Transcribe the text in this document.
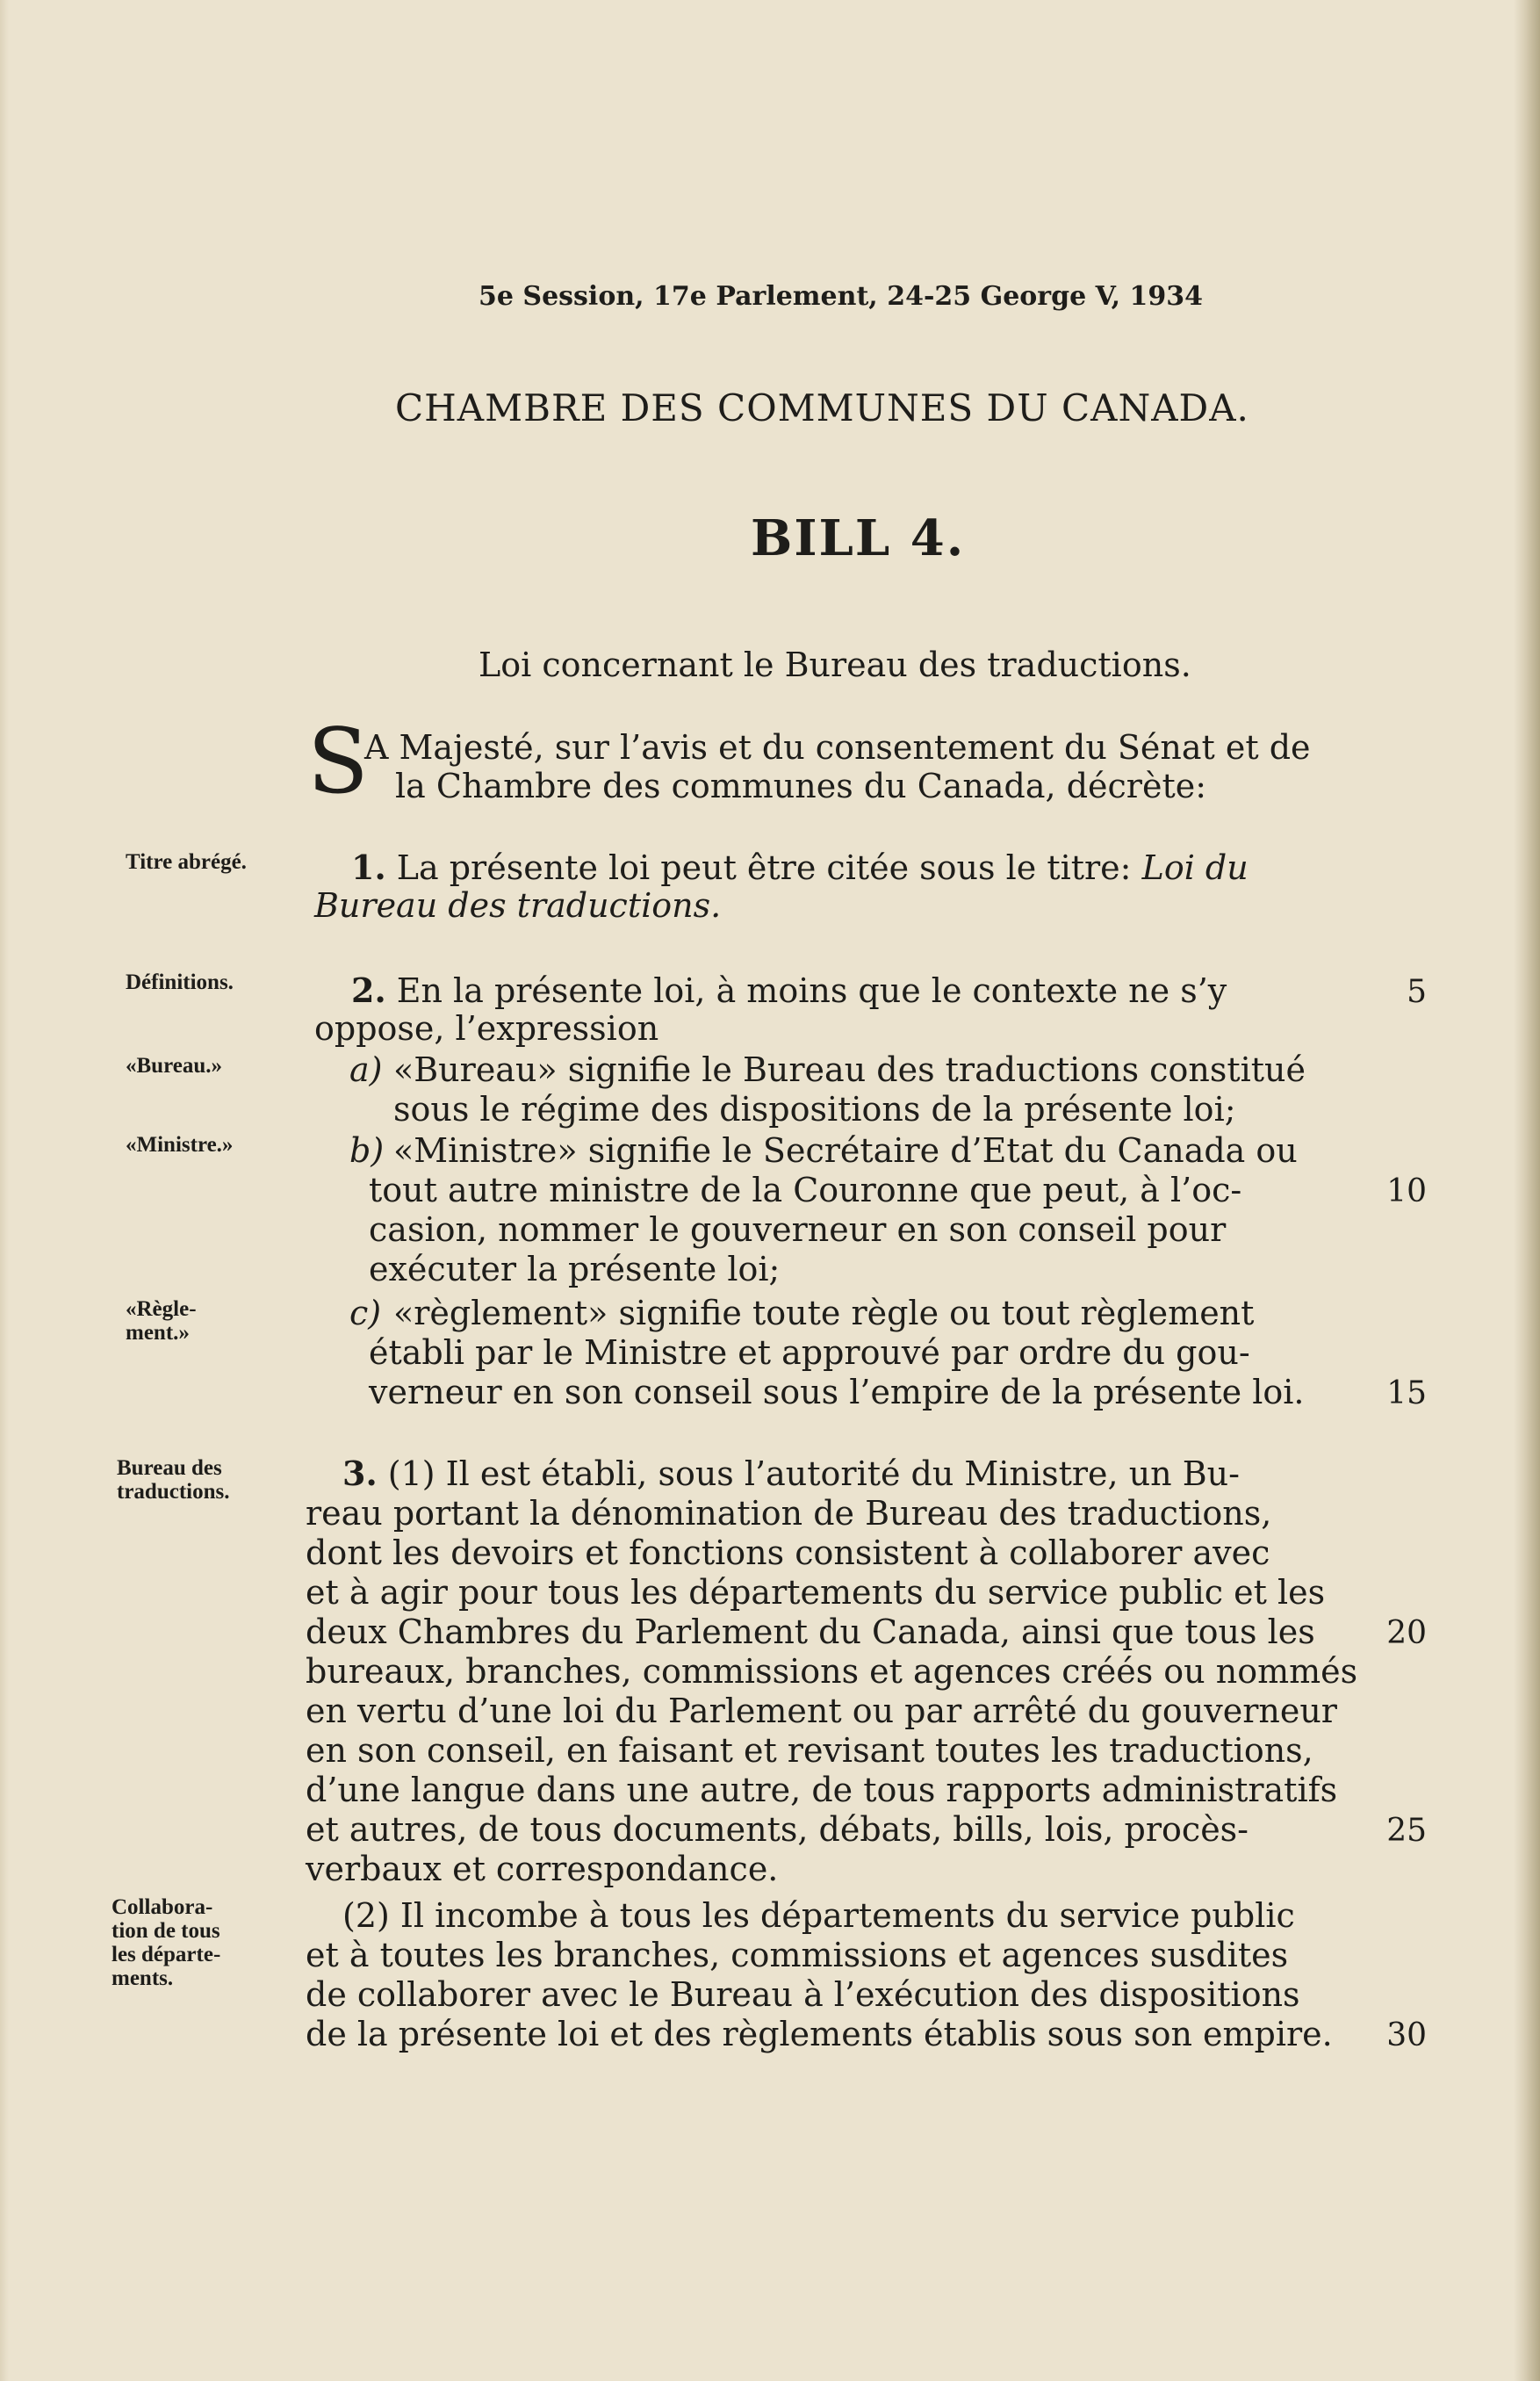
5e Session, 17e Parlement, 24-25 George V, 1934
CHAMBRE DES COMMUNES DU CANADA.
BILL 4.
Loi concernant le Bureau des traductions.
S
A Majesté, sur l’avis et du consentement du Sénat et de
la Chambre des communes du Canada, décrète:
Titre abrégé.
Définitions.
«Bureau.»
«Ministre.»
«Règle-
ment.»
Bureau des
traductions.
Collabora-
tion de tous
les départe-
ments.
1. La présente loi peut être citée sous le titre: Loi du
Bureau des traductions.
2. En la présente loi, à moins que le contexte ne s’y
oppose, l’expression
a) «Bureau» signifie le Bureau des traductions constitué
sous le régime des dispositions de la présente loi;
b) «Ministre» signifie le Secrétaire d’Etat du Canada ou
tout autre ministre de la Couronne que peut, à l’oc-
casion, nommer le gouverneur en son conseil pour
exécuter la présente loi;
c) «règlement» signifie toute règle ou tout règlement
établi par le Ministre et approuvé par ordre du gou-
verneur en son conseil sous l’empire de la présente loi.
3. (1) Il est établi, sous l’autorité du Ministre, un Bu-
reau portant la dénomination de Bureau des traductions,
dont les devoirs et fonctions consistent à collaborer avec
et à agir pour tous les départements du service public et les
deux Chambres du Parlement du Canada, ainsi que tous les
bureaux, branches, commissions et agences créés ou nommés
en vertu d’une loi du Parlement ou par arrêté du gouverneur
en son conseil, en faisant et revisant toutes les traductions,
d’une langue dans une autre, de tous rapports administratifs
et autres, de tous documents, débats, bills, lois, procès-
verbaux et correspondance.
(2) Il incombe à tous les départements du service public
et à toutes les branches, commissions et agences susdites
de collaborer avec le Bureau à l’exécution des dispositions
de la présente loi et des règlements établis sous son empire.
5
10
15
20
25
30
